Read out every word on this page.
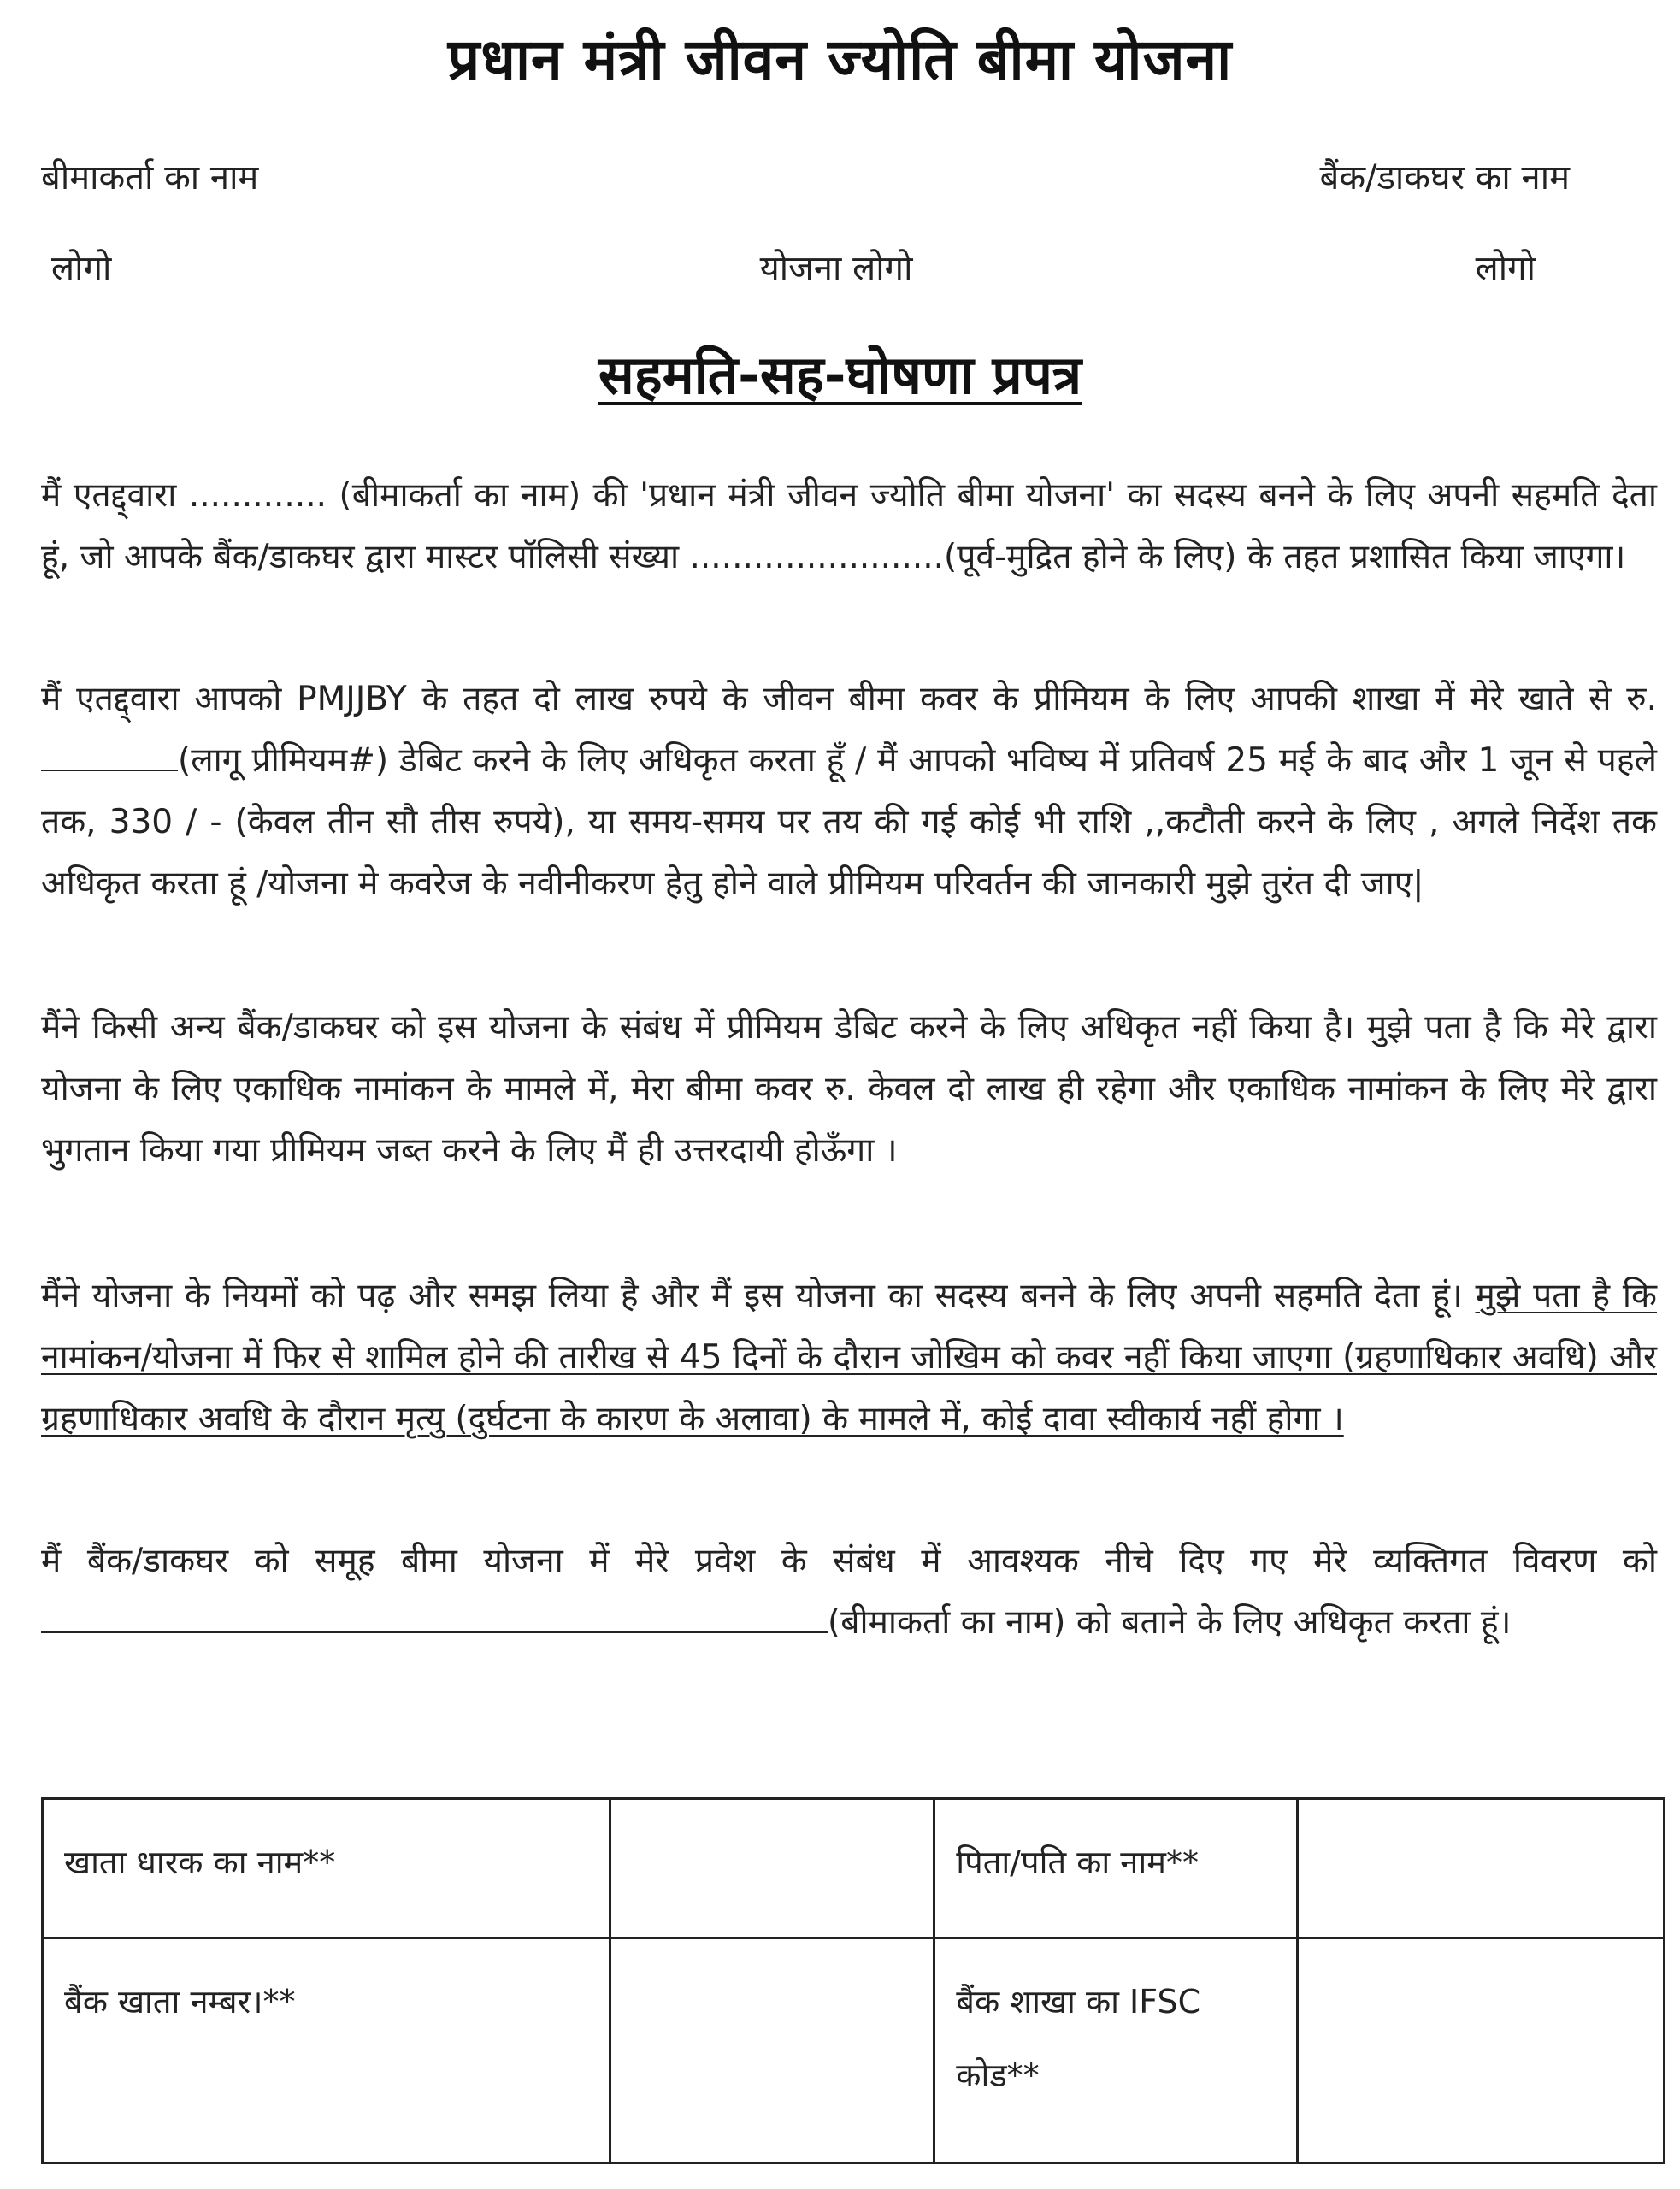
प्रधान मंत्री जीवन ज्योति बीमा योजना
बीमाकर्ता का नाम	बैंक/डाकघर का नाम
लोगो	योजना लोगो	लोगो
सहमति-सह-घोषणा प्रपत्र
मैं एतद्द्वारा ............. (बीमाकर्ता का नाम) की 'प्रधान मंत्री जीवन ज्योति बीमा योजना' का सदस्य बनने के लिए अपनी सहमति देता हूं, जो आपके बैंक/डाकघर द्वारा मास्टर पॉलिसी संख्या ........................(पूर्व-मुद्रित होने के लिए) के तहत प्रशासित किया जाएगा।
मैं एतद्द्वारा आपको PMJJBY के तहत दो लाख रुपये के जीवन बीमा कवर के प्रीमियम के लिए आपकी शाखा में मेरे खाते से रु. (लागू प्रीमियम#) डेबिट करने के लिए अधिकृत करता हूँ / मैं आपको भविष्य में प्रतिवर्ष 25 मई के बाद और 1 जून से पहले तक, 330 / - (केवल तीन सौ तीस रुपये), या समय-समय पर तय की गई कोई भी राशि ,,कटौती करने के लिए , अगले निर्देश तक अधिकृत करता हूं /योजना मे कवरेज के नवीनीकरण हेतु होने वाले प्रीमियम परिवर्तन की जानकारी मुझे तुरंत दी जाए|
मैंने किसी अन्य बैंक/डाकघर को इस योजना के संबंध में प्रीमियम डेबिट करने के लिए अधिकृत नहीं किया है। मुझे पता है कि मेरे द्वारा योजना के लिए एकाधिक नामांकन के मामले में, मेरा बीमा कवर रु. केवल दो लाख ही रहेगा और एकाधिक नामांकन के लिए मेरे द्वारा भुगतान किया गया प्रीमियम जब्त करने के लिए मैं ही उत्तरदायी होऊँगा ।
मैंने योजना के नियमों को पढ़ और समझ लिया है और मैं इस योजना का सदस्य बनने के लिए अपनी सहमति देता हूं। मुझे पता है कि नामांकन/योजना में फिर से शामिल होने की तारीख से 45 दिनों के दौरान जोखिम को कवर नहीं किया जाएगा (ग्रहणाधिकार अवधि) और ग्रहणाधिकार अवधि के दौरान मृत्यु (दुर्घटना के कारण के अलावा) के मामले में, कोई दावा स्वीकार्य नहीं होगा ।
मैं बैंक/डाकघर को समूह बीमा योजना में मेरे प्रवेश के संबंध में आवश्यक नीचे दिए गए मेरे व्यक्तिगत विवरण को (बीमाकर्ता का नाम) को बताने के लिए अधिकृत करता हूं।
खाता धारक का नाम**		पिता/पति का नाम**	
बैंक खाता नम्बर।**		बैंक शाखा का IFSC कोड**	
